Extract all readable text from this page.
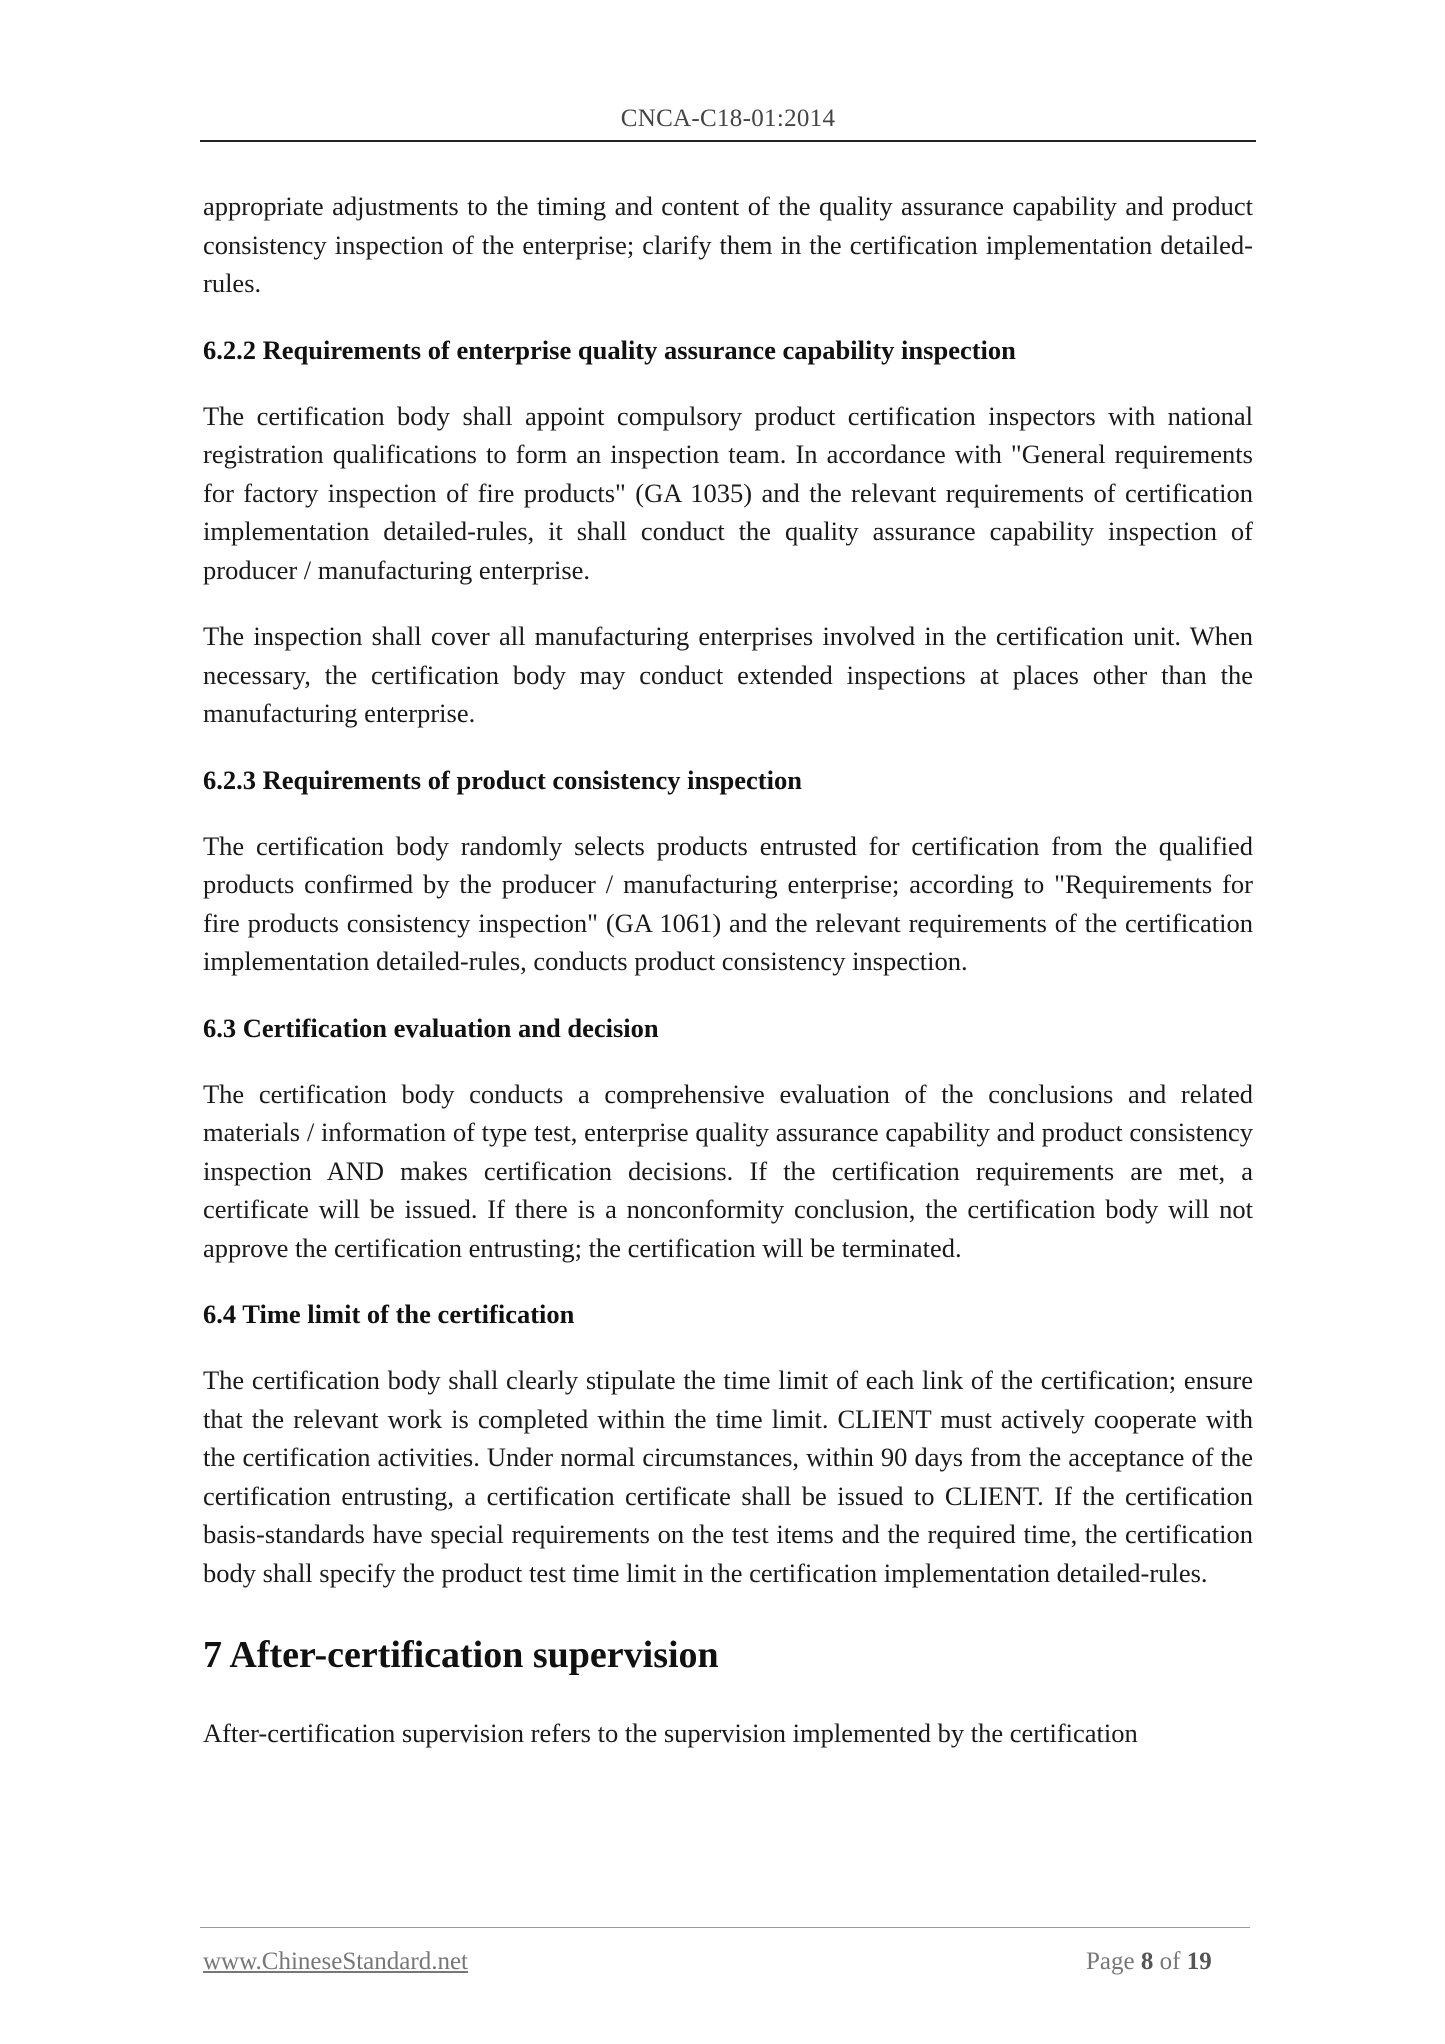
CNCA-C18-01:2014

appropriate adjustments to the timing and content of the quality assurance capability and product consistency inspection of the enterprise; clarify them in the certification implementation detailed-rules.

6.2.2 Requirements of enterprise quality assurance capability inspection

The certification body shall appoint compulsory product certification inspectors with national registration qualifications to form an inspection team. In accordance with "General requirements for factory inspection of fire products" (GA 1035) and the relevant requirements of certification implementation detailed-rules, it shall conduct the quality assurance capability inspection of producer / manufacturing enterprise.

The inspection shall cover all manufacturing enterprises involved in the certification unit. When necessary, the certification body may conduct extended inspections at places other than the manufacturing enterprise.

6.2.3 Requirements of product consistency inspection

The certification body randomly selects products entrusted for certification from the qualified products confirmed by the producer / manufacturing enterprise; according to "Requirements for fire products consistency inspection" (GA 1061) and the relevant requirements of the certification implementation detailed-rules, conducts product consistency inspection.

6.3 Certification evaluation and decision

The certification body conducts a comprehensive evaluation of the conclusions and related materials / information of type test, enterprise quality assurance capability and product consistency inspection AND makes certification decisions. If the certification requirements are met, a certificate will be issued. If there is a nonconformity conclusion, the certification body will not approve the certification entrusting; the certification will be terminated.

6.4 Time limit of the certification

The certification body shall clearly stipulate the time limit of each link of the certification; ensure that the relevant work is completed within the time limit. CLIENT must actively cooperate with the certification activities. Under normal circumstances, within 90 days from the acceptance of the certification entrusting, a certification certificate shall be issued to CLIENT. If the certification basis-standards have special requirements on the test items and the required time, the certification body shall specify the product test time limit in the certification implementation detailed-rules.

7 After-certification supervision

After-certification supervision refers to the supervision implemented by the certification

www.ChineseStandard.net	Page 8 of 19
